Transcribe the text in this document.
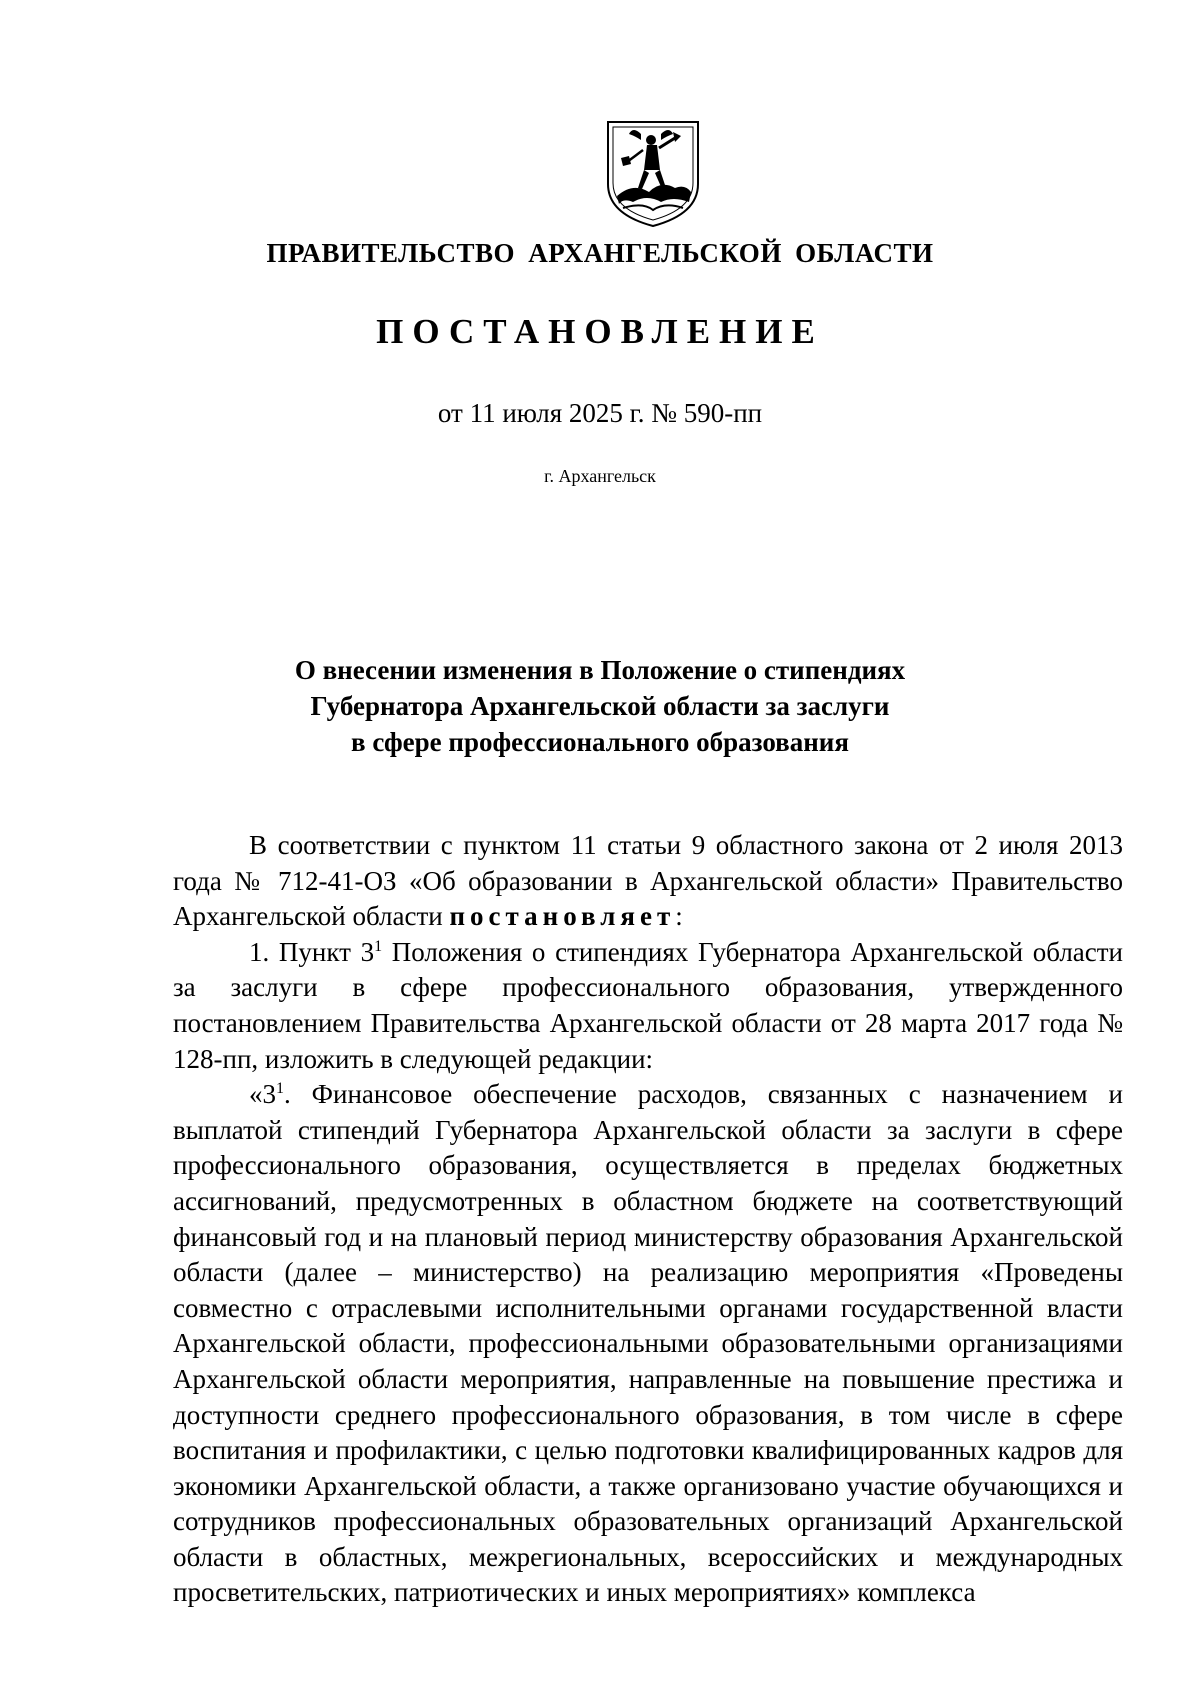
ПРАВИТЕЛЬСТВО АРХАНГЕЛЬСКОЙ ОБЛАСТИ
ПОСТАНОВЛЕНИЕ
от 11 июля 2025 г. № 590-пп
г. Архангельск
О внесении изменения в Положение о стипендиях
Губернатора Архангельской области за заслуги
в сфере профессионального образования

В соответствии с пунктом 11 статьи 9 областного закона от 2 июля 2013 года № 712-41-ОЗ «Об образовании в Архангельской области» Правительство Архангельской области постановляет:

1. Пункт $3^1$ Положения о стипендиях Губернатора Архангельской области за заслуги в сфере профессионального образования, утвержденного постановлением Правительства Архангельской области от 28 марта 2017 года № 128-пп, изложить в следующей редакции:

«$3^1$. Финансовое обеспечение расходов, связанных с назначением и выплатой стипендий Губернатора Архангельской области за заслуги в сфере профессионального образования, осуществляется в пределах бюджетных ассигнований, предусмотренных в областном бюджете на соответствующий финансовый год и на плановый период министерству образования Архангельской области (далее – министерство) на реализацию мероприятия «Проведены совместно с отраслевыми исполнительными органами государственной власти Архангельской области, профессиональными образовательными организациями Архангельской области мероприятия, направленные на повышение престижа и доступности среднего профессионального образования, в том числе в сфере воспитания и профилактики, с целью подготовки квалифицированных кадров для экономики Архангельской области, а также организовано участие обучающихся и сотрудников профессиональных образовательных организаций Архангельской области в областных, межрегиональных, всероссийских и международных просветительских, патриотических и иных мероприятиях» комплекса
